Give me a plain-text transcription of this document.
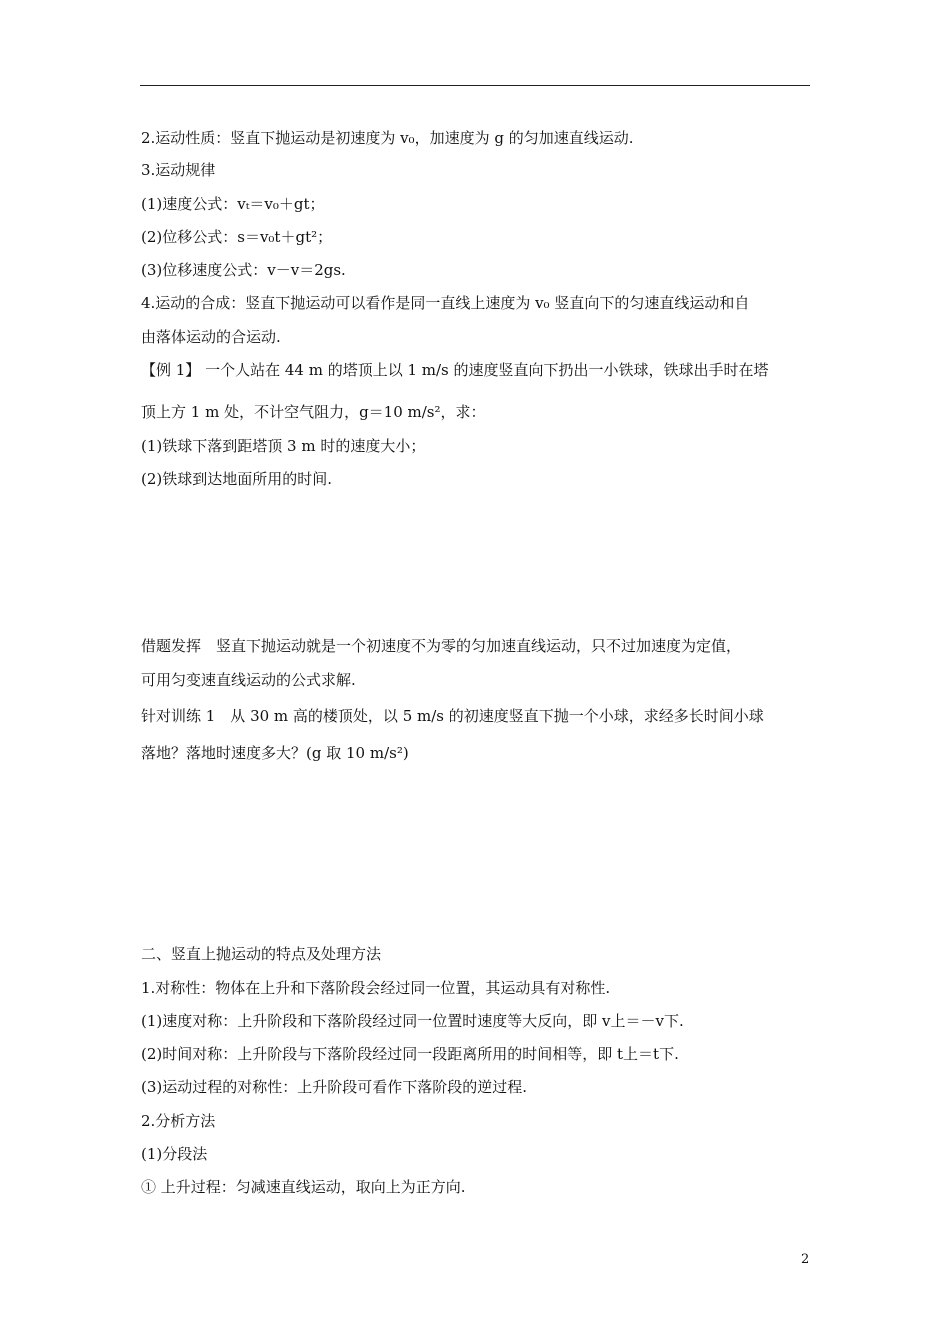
2.运动性质：竖直下抛运动是初速度为 v₀，加速度为 g 的匀加速直线运动.
3.运动规律
(1)速度公式：vₜ＝v₀＋gt；
(2)位移公式：s＝v₀t＋gt²；
(3)位移速度公式：v－v＝2gs.
4.运动的合成：竖直下抛运动可以看作是同一直线上速度为 v₀ 竖直向下的匀速直线运动和自
由落体运动的合运动.
【例 1】 一个人站在 44 m 的塔顶上以 1 m/s 的速度竖直向下扔出一小铁球，铁球出手时在塔
顶上方 1 m 处，不计空气阻力，g＝10 m/s²，求：
(1)铁球下落到距塔顶 3 m 时的速度大小；
(2)铁球到达地面所用的时间.
借题发挥　竖直下抛运动就是一个初速度不为零的匀加速直线运动，只不过加速度为定值，
可用匀变速直线运动的公式求解.
针对训练 1　从 30 m 高的楼顶处，以 5 m/s 的初速度竖直下抛一个小球，求经多长时间小球
落地？落地时速度多大？(g 取 10 m/s²)
二、竖直上抛运动的特点及处理方法
1.对称性：物体在上升和下落阶段会经过同一位置，其运动具有对称性.
(1)速度对称：上升阶段和下落阶段经过同一位置时速度等大反向，即 v上＝－v下.
(2)时间对称：上升阶段与下落阶段经过同一段距离所用的时间相等，即 t上＝t下.
(3)运动过程的对称性：上升阶段可看作下落阶段的逆过程.
2.分析方法
(1)分段法
① 上升过程：匀减速直线运动，取向上为正方向.
2
